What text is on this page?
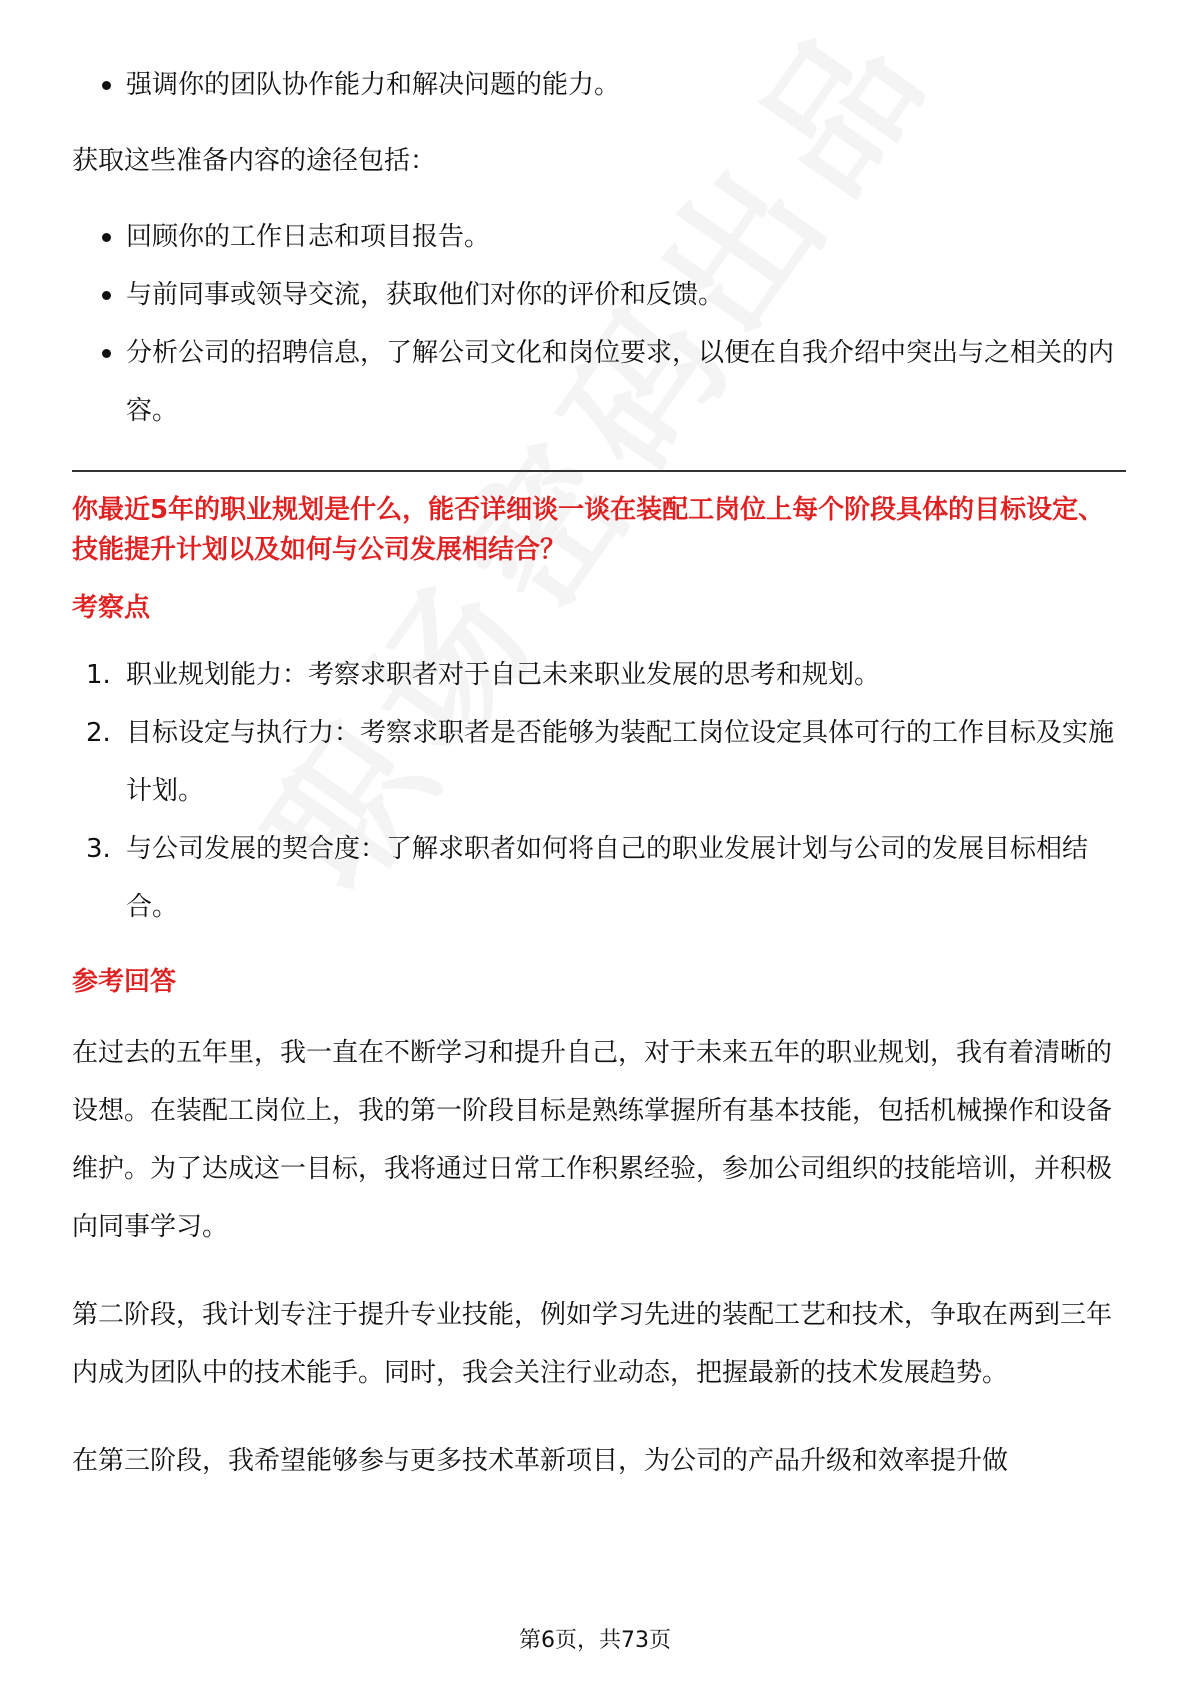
强调你的团队协作能力和解决问题的能力。

获取这些准备内容的途径包括：

回顾你的工作日志和项目报告。
与前同事或领导交流，获取他们对你的评价和反馈。
分析公司的招聘信息，了解公司文化和岗位要求，以便在自我介绍中突出与之相关的内容。

你最近5年的职业规划是什么，能否详细谈一谈在装配工岗位上每个阶段具体的目标设定、技能提升计划以及如何与公司发展相结合？

考察点

1. 职业规划能力：考察求职者对于自己未来职业发展的思考和规划。
2. 目标设定与执行力：考察求职者是否能够为装配工岗位设定具体可行的工作目标及实施计划。
3. 与公司发展的契合度：了解求职者如何将自己的职业发展计划与公司的发展目标相结合。

参考回答

在过去的五年里，我一直在不断学习和提升自己，对于未来五年的职业规划，我有着清晰的设想。在装配工岗位上，我的第一阶段目标是熟练掌握所有基本技能，包括机械操作和设备维护。为了达成这一目标，我将通过日常工作积累经验，参加公司组织的技能培训，并积极向同事学习。

第二阶段，我计划专注于提升专业技能，例如学习先进的装配工艺和技术，争取在两到三年内成为团队中的技术能手。同时，我会关注行业动态，把握最新的技术发展趋势。

在第三阶段，我希望能够参与更多技术革新项目，为公司的产品升级和效率提升做

第6页，共73页
